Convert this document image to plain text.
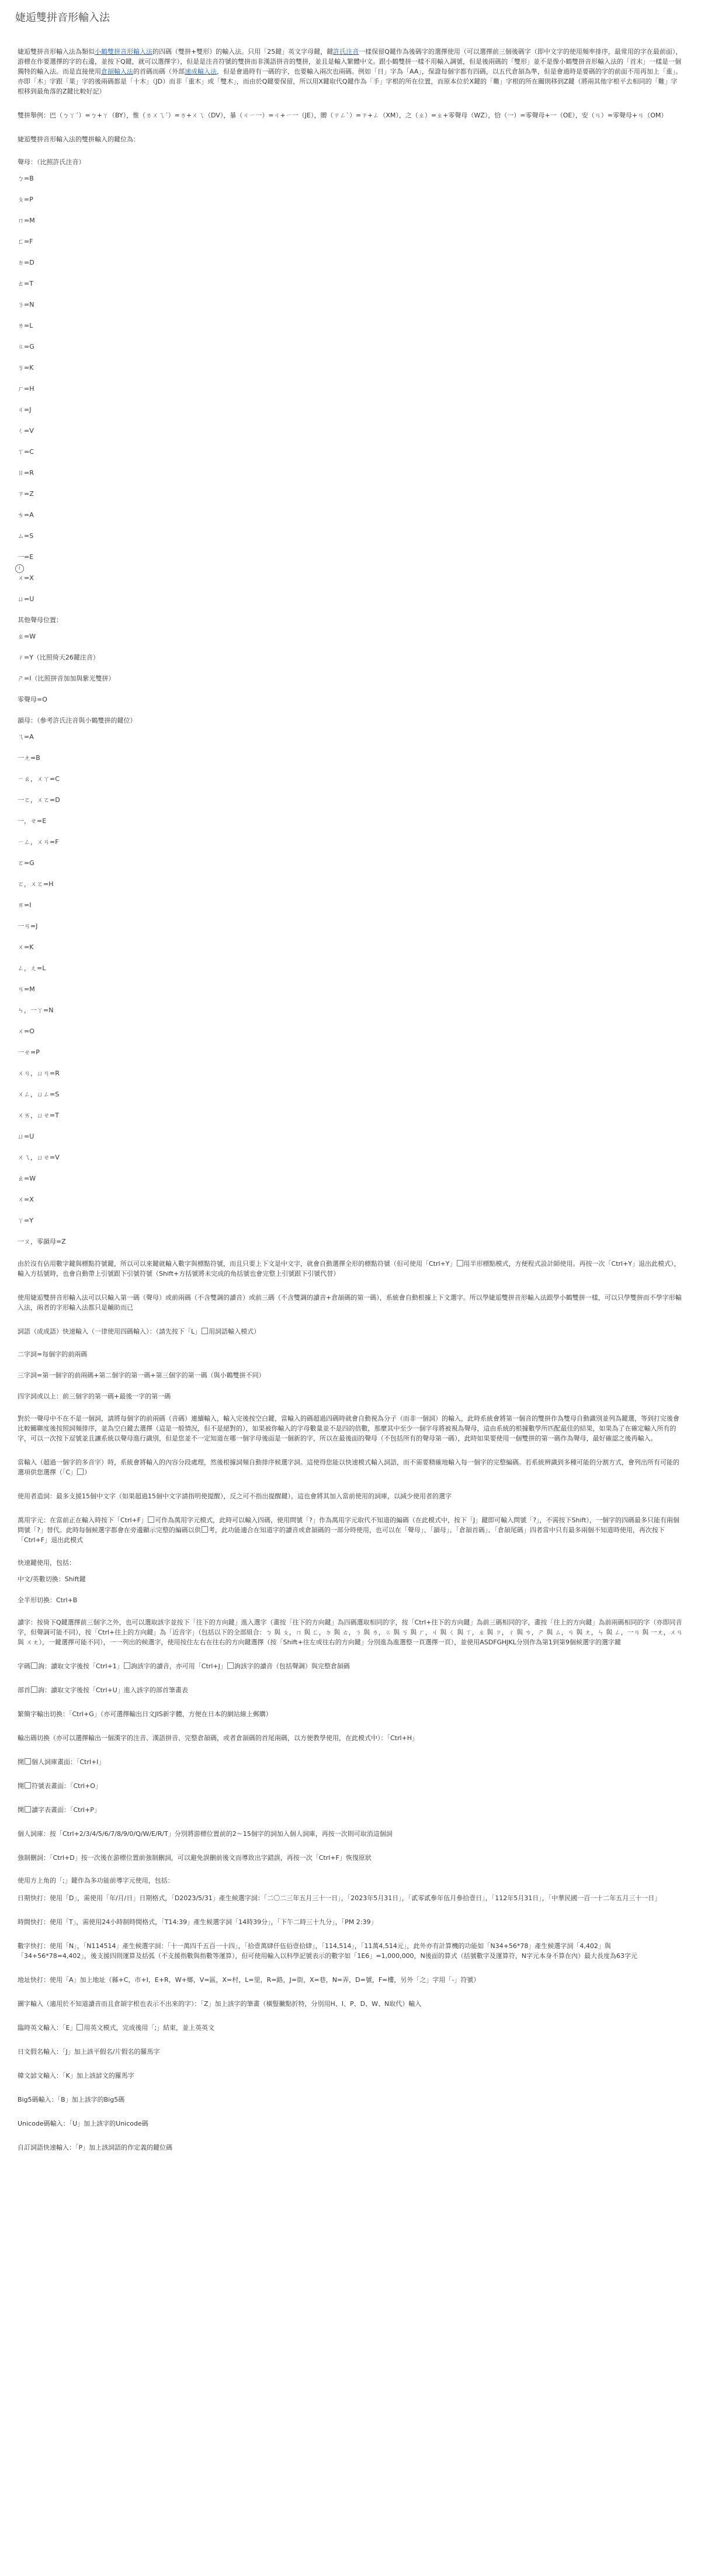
婕逅雙拼音形輸入法
i

婕逅雙拼音形輸入法為類似小鶴雙拼音形輸入法的四碼（雙拼+雙形）的輸入法。只用「25鍵」英文字母鍵，鍵許氏注音一樣保留Q鍵作為後碼字的選擇使用（可以選擇前三個後碼字（即中文字的使用頻率排序，最常用的字在最前面），游標在作要選擇的字的右邊，並按下Q鍵，就可以選擇字），但是是注音符號的雙拼而非漢語拼音的雙拼，並且是輸入繁體中文。跟小鶴雙拼一樣不用輸入調號，但是後兩碼的「雙形」並不是像小鶴雙拼音形輸入法的「首末」一樣是一個獨特的輸入法。而是直接使用倉頡輸入法的首碼而碼（外部速成輸入法，但是會過時有一碼的字，也要輸入兩次也兩碼。例如「日」字為「AA」，保證每個字都有四碼，以五代倉頡為準，但是會過時是要碼的字的前面不用再加上「重」。亦即「木」字跟「果」字的後兩碼都是「十木」（JD）而非「重木」或「雙木」，而由於Q鍵要保留，所以用X鍵取代Q鍵作為「手」字根的所在位置，而原本位於X鍵的「難」字根的所在關則移到Z鍵（將兩其他字根平去相同的「難」字根移到最角落的Z鍵比較好記）

雙拼舉例：巴（ㄅㄚˊ）=ㄅ+ㄚ（BY），惟（ㄌㄨㄟˊ）=ㄌ+ㄨㄟ（DV），暴（ㄐㄧ一）=ㄐ+ㄧ一（JE），贈（ㄗㄥˋ）=ㄗ+ㄥ（XM），之（ㄓ）=ㄓ+零聲母（WZ），恰（一）=零聲母+一（OE），安（ㄢ）=零聲母+ㄢ（OM）

婕逅雙拼音形輸入法的雙拼輸入的鍵位為：

聲母：（比照許氏注音）

ㄅ=B

ㄆ=P

ㄇ=M

ㄈ=F

ㄉ=D

ㄊ=T

ㄋ=N

ㄌ=L

ㄍ=G

ㄎ=K

ㄏ=H

ㄐ=J

ㄑ=V

ㄒ=C

ㄖ=R

ㄗ=Z

ㄘ=A

ㄙ=S

一=E

ㄨ=X

ㄩ=U

其他聲母位置：

ㄓ=W

ㄔ=Y（比照倚天26鍵注音）

ㄕ=I（比照拼音加加與紫光雙拼）

零聲母=O

韻母：（參考許氏注音與小鶴雙拼的鍵位）

ㄟ=A

一ㄤ=B

ㄧㄠ，ㄨㄚ=C

一ㄛ，ㄨㄛ=D

一，ㄝ=E

ㄧㄥ，ㄨㄢ=F

ㄛ=G

ㄛ，ㄨㄛ=H

ㄞ=I

一ㄢ=J

ㄨ=K

ㄥ，ㄦ=L

ㄢ=M

ㄣ，一ㄚ=N

ㄨ=O

一ㄝ=P

ㄨㄢ，ㄩㄢ=R

ㄨㄥ，ㄩㄥ=S

ㄨㄞ，ㄩㄝ=T

ㄩ=U

ㄨㄟ，ㄩㄝ=V

ㄠ=W

ㄨ=X

ㄚ=Y

一ㄡ，零韻母=Z

由於沒有佔用數字鍵與標點符號鍵，所以可以來鍵就輸入數字與標點符號，而且只要上下文是中文字，就會自動選擇全形的標點符號（但可使用「Ctrl+Y」 用半形標點模式，方便程式設計師使用。再按一次「Ctrl+Y」退出此模式），輸入方括號時，也會自動帶上引號跟下引號符號（Shift+方括號將未完成的角括號也會完整上引號跟下引號代替）

使用婕逅雙拼音形輸入法可以只輸入第一碼（聲母）或前兩碼（不含雙調的讀音）或前三碼（不含雙調的讀音+倉頡碼的第一碼），系統會自動根據上下文選字。所以學婕逅雙拼音形輸入法跟學小鶴雙拼一樣，可以只學雙拼而不學字形輸入法，兩者的字形輸入法都只是輔助而已

詞語（成成語）快速輸入（一律使用四碼輸入）：（請先按下「L」 用詞語輸入模式）

二字詞=每個字的前兩碼

三字詞=第一個字的前兩碼+第二個字的第一碼+第三個字的第一碼（與小鶴雙拼不同）

四字詞或以上：前三個字的第一碼+最後一字的第一碼

對於一聲母中不在不是一個詞，請將每個字的前兩碼（音碼）連續輸入，輸入完後按空白鍵，當輸入的碼超過四碼時就會自動視為分子（而非一個詞）的輸入，此時系統會將第一個音的雙拼作為雙母自動識別並列為鍵選，等到打完後會比較關聯度後按照詞頻排序，並為空白鍵去選擇（這是一般情況，但不是絕對的），如果被你輸入的字母數量並不是四的倍數，那麼其中至少一個字母將被視為聲母，這由系統的根據數學所匹配最佳的結果，如果為了在確定輸入所有的字，可以一次按下逗號並且讓系統以聲母進行識別，但是您並不一定知道在哪一個字母後面是一個新的字，所以在最後面的聲母（不包括所有的聲母第一碼），此時如果要使用一個雙拼的第一碼作為聲母，最好確認之後再輸入。

當輸入（超過一個字的多音字）時，系統會將輸入的內容分段處理，然後根據詞頻自動排序候選字詞。這使得您能以快速模式輸入詞語，而不需要精確地輸入每一個字的完整編碼。若系統辨識到多種可能的分割方式，會列出所有可能的選項供您選擇（「C」 ）

使用者造詞：最多支援15個中文字（如果超過15個中文字請指明使提醒），反之可不指出提醒鍵），這也會將其加入當前使用的詞庫，以減少使用者的選字

萬用字元：在當前正在輸入時按下「Ctrl+F」 可作為萬用字元模式，此時可以輸入四碼，使用問號「?」作為萬用字元取代不知道的編碼（在此模式中，按下「J」鍵即可輸入問號「?」，不需按下Shift），一個字的四碼最多只能有兩個問號「?」替代。此時每個候選字都會在旁邊顯示完整的編碼以供 考，此功能適合在知道字的讀音或倉頡碼的一部分時使用，也可以在「聲母」、「韻母」、「倉頡首碼」、「倉頡尾碼」四者當中只有最多兩個不知道時使用，再次按下「Ctrl+F」退出此模式

快速鍵使用，包括：

中文/英數切換：Shift鍵

全半形切換：Ctrl+B

讀字：按倚下Q鍵選擇前三個字之外，也可以選取該字並按下「往下的方向鍵」進入選字（畫按「往下的方向鍵」為四碼選取相同的字，按「Ctrl+往下的方向鍵」為前三碼相同的字，畫按「往上的方向鍵」為前兩碼相同的字（亦即同音字，但聲調可能不同），按「Ctrl+往上的方向鍵」為「近音字」（包括以下的全部組合：ㄅ 與 ㄆ，ㄇ 與 ㄈ，ㄉ 與 ㄊ，ㄋ 與 ㄌ，ㄍ 與 ㄎ 與 ㄏ，ㄐ 與 ㄑ 與 ㄒ，ㄓ 與 ㄗ，ㄔ 與 ㄘ，ㄕ 與 ㄙ，ㄢ 與 ㄤ，ㄣ 與 ㄥ，一ㄢ 與 一ㄤ，ㄨㄢ 與 ㄨㄤ），一鍵選擇可能不同），一一列出的候選字，使用按住左右在往右的方向鍵選擇（按「Shift+往左或往右的方向鍵」分別進為進選整一頁選擇一頁），並使用ASDFGHJKL分別作為第1到第9個候選字的選字鍵

字碼 詢：讀取文字後按「Ctrl+1」 詢該字的讀音，亦可用「Ctrl+J」 詢該字的讀音（包括聲調）與完整倉頡碼

部首 詢：讀取文字後按「Ctrl+U」進入該字的部首筆畫表

繁簡字輸出切換：「Ctrl+G」（亦可選擇輸出日文JIS新字體，方便在日本的網站線上郵購）

輸出碼切換（亦可以選擇輸出一個漢字的注音、漢語拼音、完整倉頡碼，或者倉頡碼的首尾兩碼，以方便教學使用，在此模式中）：「Ctrl+H」

開 個人詞庫畫面：「Ctrl+I」

開 符號表畫面：「Ctrl+O」

開 讀字表畫面：「Ctrl+P」

個人詞庫：按「Ctrl+2/3/4/5/6/7/8/9/0/Q/W/E/R/T」分別將游標位置前的2〜15個字的詞加入個人詞庫，再按一次則可取消這個詞

強制刪詞：「Ctrl+D」按一次後在游標位置前強制刪詞，可以避免誤刪前後文而導致出字錯誤，再按一次「Ctrl+F」恢復原狀

使用方上角的「;」鍵作為多功能前導字元使用，包括：

日期快打：使用「D」，需使用「年/月/日」日期格式，「D2023/5/31」產生候選字詞：「二〇二三年五月三十一日」，「2023年5月31日」，「貳零貳參年伍月參拾壹日」，「112年5月31日」，「中華民國一百一十二年五月三十一日」

時間快打：使用「T」，需使用24小時制時間格式，「T14:39」產生候選字詞「14時39分」，「下午二時三十九分」，「PM 2:39」

數字快打：使用「N」，「N114514」產生候選字詞：「十一萬四千五百一十四」，「拾壹萬肆仟伍佰壹拾肆」，「114,514」，「11萬4,514元」，此外亦有計算機的功能如「N34+56*78」產生候選字詞「4,402」與「34+56*78=4,402」，後支援四則運算及括弧（不支援指數與指數等運算），但可使用輸入以科學記號表示的數字如「1E6」=1,000,000，N後面的算式（括號數字及運算符，N字元本身不算在內）最大長度為63字元

地址快打：使用「A」加上地址（縣+C，市+I，E+R，W+鄉，V=區，X=村，L=里，R=路，J=街，X=巷，N=弄，D=號，F=樓，另外「之」字用「-」符號）

圖字輸入（適用於不知道讀音而且倉頡字根也表示不出來的字）：「Z」加上該字的筆畫（橫豎撇點折特，分別用H、I、P、D、W、N取代）輸入

臨時英文輸入：「E」 用英文模式，完成後用「;」結束，並上英英文

日文假名輸入：「J」加上該平假名/片假名的羅馬字

韓文諺文輸入：「K」加上該諺文的羅馬字

Big5碼輸入：「B」加上該字的Big5碼

Unicode碼輸入：「U」加上該字的Unicode碼

自訂詞語快速輸入：「P」加上該詞語的作定義的鍵位碼
